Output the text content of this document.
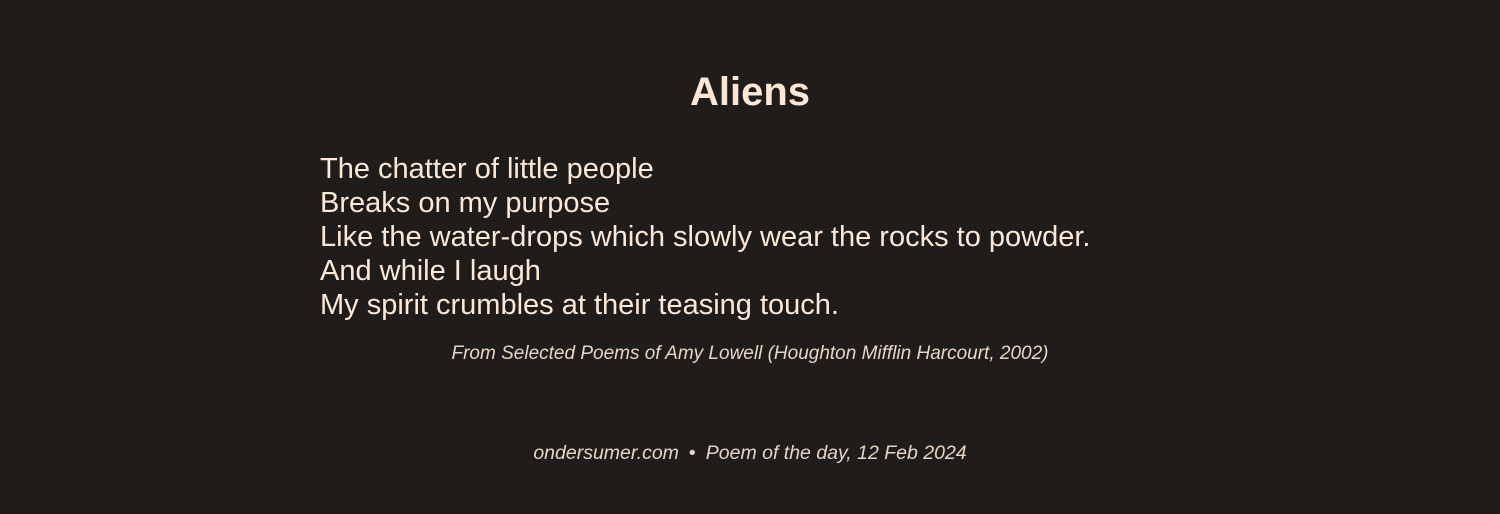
Aliens
The chatter of little people
Breaks on my purpose
Like the water-drops which slowly wear the rocks to powder.
And while I laugh
My spirit crumbles at their teasing touch.
From Selected Poems of Amy Lowell (Houghton Mifflin Harcourt, 2002)
ondersumer.com • Poem of the day, 12 Feb 2024
